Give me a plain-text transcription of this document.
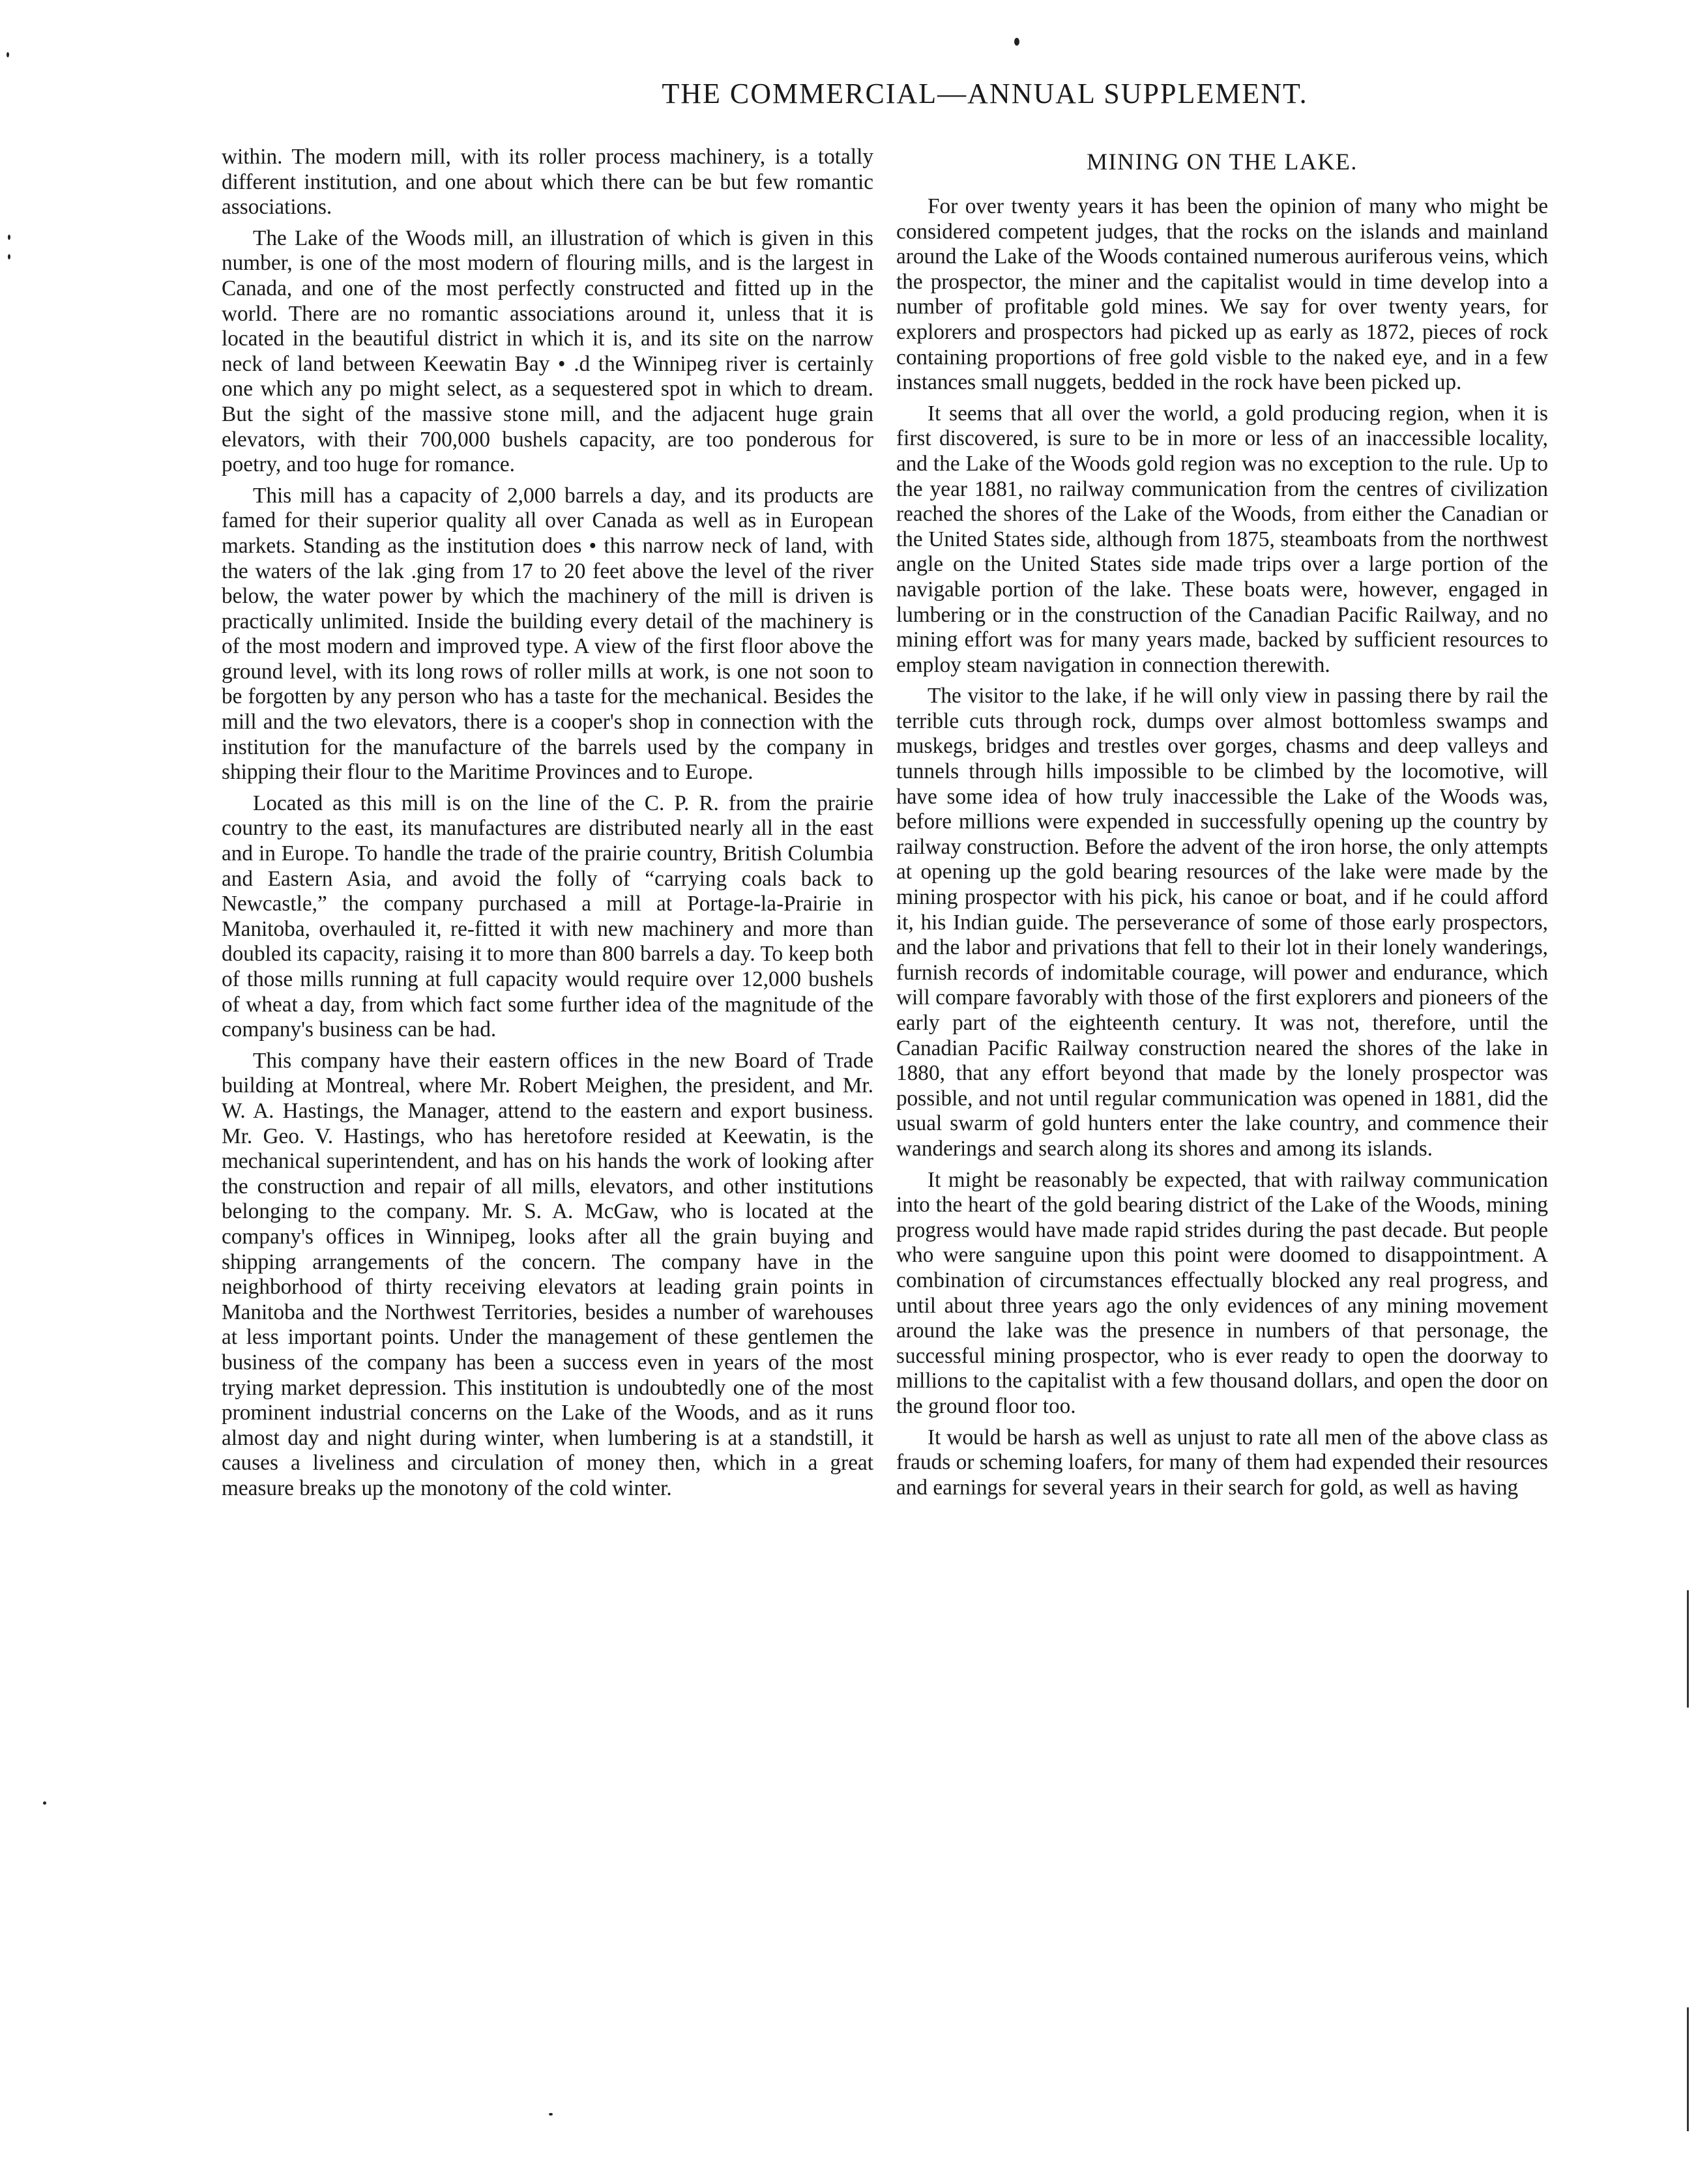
THE COMMERCIAL—ANNUAL SUPPLEMENT.

within. The modern mill, with its roller process machinery, is a totally different institution, and one about which there can be but few romantic associations.

The Lake of the Woods mill, an illustration of which is given in this number, is one of the most modern of flouring mills, and is the largest in Canada, and one of the most perfectly constructed and fitted up in the world. There are no romantic associations around it, unless that it is located in the beautiful district in which it is, and its site on the narrow neck of land between Keewatin Bay • .d the Winnipeg river is certainly one which any po might select, as a sequestered spot in which to dream. But the sight of the massive stone mill, and the adjacent huge grain elevators, with their 700,000 bushels capacity, are too ponderous for poetry, and too huge for romance.

This mill has a capacity of 2,000 barrels a day, and its products are famed for their superior quality all over Canada as well as in European markets. Standing as the institution does • this narrow neck of land, with the waters of the lak .ging from 17 to 20 feet above the level of the river below, the water power by which the machinery of the mill is driven is practically unlimited. Inside the building every detail of the machinery is of the most modern and improved type. A view of the first floor above the ground level, with its long rows of roller mills at work, is one not soon to be forgotten by any person who has a taste for the mechanical. Besides the mill and the two elevators, there is a cooper's shop in connection with the institution for the manufacture of the barrels used by the company in shipping their flour to the Maritime Provinces and to Europe.

Located as this mill is on the line of the C. P. R. from the prairie country to the east, its manufactures are distributed nearly all in the east and in Europe. To handle the trade of the prairie country, British Columbia and Eastern Asia, and avoid the folly of “carrying coals back to Newcastle,” the company purchased a mill at Portage-la-Prairie in Manitoba, overhauled it, re-fitted it with new machinery and more than doubled its capacity, raising it to more than 800 barrels a day. To keep both of those mills running at full capacity would require over 12,000 bushels of wheat a day, from which fact some further idea of the magnitude of the company's business can be had.

This company have their eastern offices in the new Board of Trade building at Montreal, where Mr. Robert Meighen, the president, and Mr. W. A. Hastings, the Manager, attend to the eastern and export business. Mr. Geo. V. Hastings, who has heretofore resided at Keewatin, is the mechanical superintendent, and has on his hands the work of looking after the construction and repair of all mills, elevators, and other institutions belonging to the company. Mr. S. A. McGaw, who is located at the company's offices in Winnipeg, looks after all the grain buying and shipping arrangements of the concern. The company have in the neighborhood of thirty receiving elevators at leading grain points in Manitoba and the Northwest Territories, besides a number of warehouses at less important points. Under the management of these gentlemen the business of the company has been a success even in years of the most trying market depression. This institution is undoubtedly one of the most prominent industrial concerns on the Lake of the Woods, and as it runs almost day and night during winter, when lumbering is at a standstill, it causes a liveliness and circulation of money then, which in a great measure breaks up the monotony of the cold winter.

MINING ON THE LAKE.

For over twenty years it has been the opinion of many who might be considered competent judges, that the rocks on the islands and mainland around the Lake of the Woods contained numerous auriferous veins, which the prospector, the miner and the capitalist would in time develop into a number of profitable gold mines. We say for over twenty years, for explorers and prospectors had picked up as early as 1872, pieces of rock containing proportions of free gold visble to the naked eye, and in a few instances small nuggets, bedded in the rock have been picked up.

It seems that all over the world, a gold producing region, when it is first discovered, is sure to be in more or less of an inaccessible locality, and the Lake of the Woods gold region was no exception to the rule. Up to the year 1881, no railway communication from the centres of civilization reached the shores of the Lake of the Woods, from either the Canadian or the United States side, although from 1875, steamboats from the northwest angle on the United States side made trips over a large portion of the navigable portion of the lake. These boats were, however, engaged in lumbering or in the construction of the Canadian Pacific Railway, and no mining effort was for many years made, backed by sufficient resources to employ steam navigation in connection therewith.

The visitor to the lake, if he will only view in passing there by rail the terrible cuts through rock, dumps over almost bottomless swamps and muskegs, bridges and trestles over gorges, chasms and deep valleys and tunnels through hills impossible to be climbed by the locomotive, will have some idea of how truly inaccessible the Lake of the Woods was, before millions were expended in successfully opening up the country by railway construction. Before the advent of the iron horse, the only attempts at opening up the gold bearing resources of the lake were made by the mining prospector with his pick, his canoe or boat, and if he could afford it, his Indian guide. The perseverance of some of those early prospectors, and the labor and privations that fell to their lot in their lonely wanderings, furnish records of indomitable courage, will power and endurance, which will compare favorably with those of the first explorers and pioneers of the early part of the eighteenth century. It was not, therefore, until the Canadian Pacific Railway construction neared the shores of the lake in 1880, that any effort beyond that made by the lonely prospector was possible, and not until regular communication was opened in 1881, did the usual swarm of gold hunters enter the lake country, and commence their wanderings and search along its shores and among its islands.

It might be reasonably be expected, that with railway communication into the heart of the gold bearing district of the Lake of the Woods, mining progress would have made rapid strides during the past decade. But people who were sanguine upon this point were doomed to disappointment. A combination of circumstances effectually blocked any real progress, and until about three years ago the only evidences of any mining movement around the lake was the presence in numbers of that personage, the successful mining prospector, who is ever ready to open the doorway to millions to the capitalist with a few thousand dollars, and open the door on the ground floor too.

It would be harsh as well as unjust to rate all men of the above class as frauds or scheming loafers, for many of them had expended their resources and earnings for several years in their search for gold, as well as having
